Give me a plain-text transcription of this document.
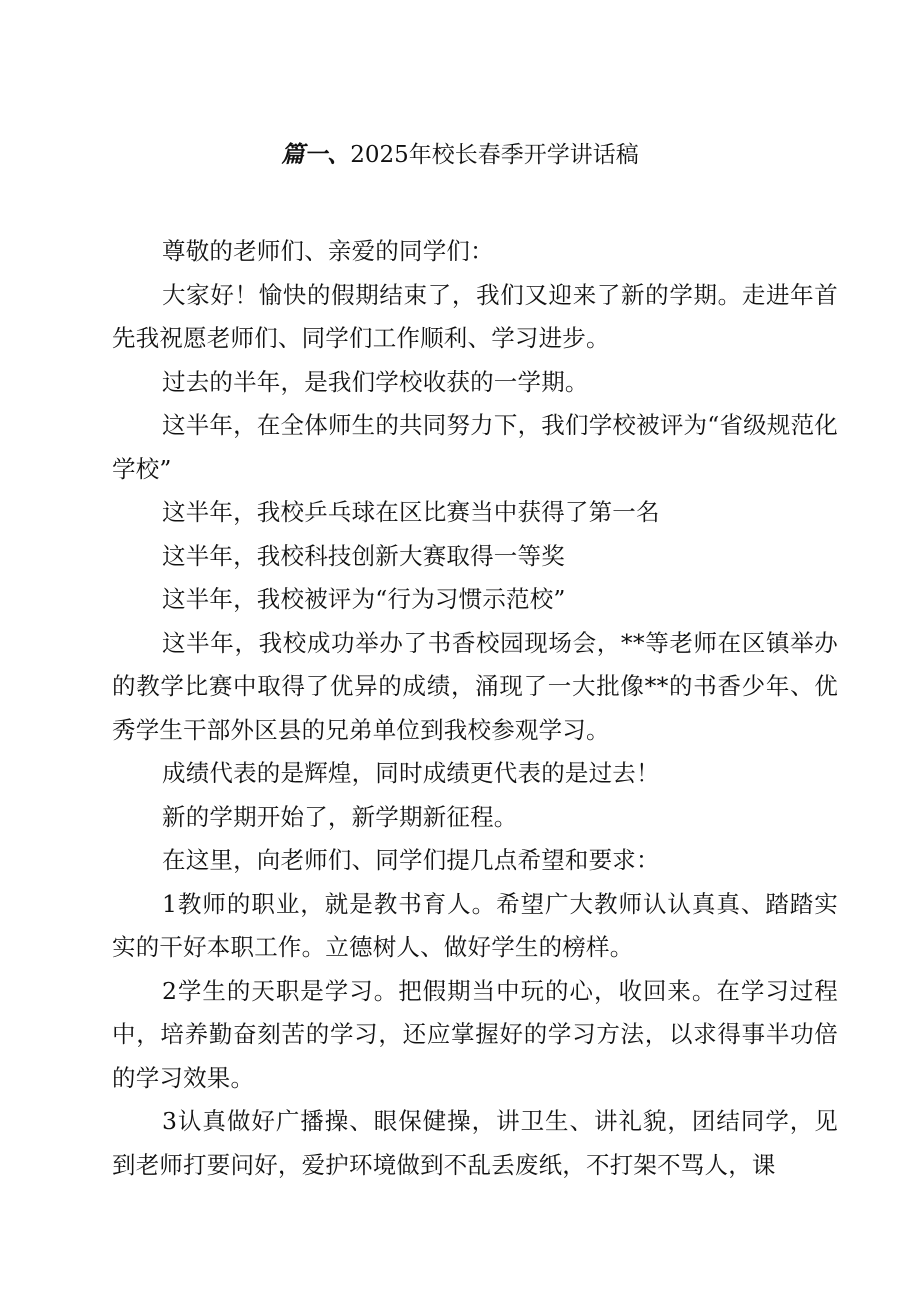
篇一、2025年校长春季开学讲话稿

尊敬的老师们、亲爱的同学们：

大家好！愉快的假期结束了，我们又迎来了新的学期。走进年首先我祝愿老师们、同学们工作顺利、学习进步。

过去的半年，是我们学校收获的一学期。

这半年，在全体师生的共同努力下，我们学校被评为“省级规范化学校”

这半年，我校乒乓球在区比赛当中获得了第一名

这半年，我校科技创新大赛取得一等奖

这半年，我校被评为“行为习惯示范校”

这半年，我校成功举办了书香校园现场会，**等老师在区镇举办的教学比赛中取得了优异的成绩，涌现了一大批像**的书香少年、优秀学生干部外区县的兄弟单位到我校参观学习。

成绩代表的是辉煌，同时成绩更代表的是过去！

新的学期开始了，新学期新征程。

在这里，向老师们、同学们提几点希望和要求：

1教师的职业，就是教书育人。希望广大教师认认真真、踏踏实实的干好本职工作。立德树人、做好学生的榜样。

2学生的天职是学习。把假期当中玩的心，收回来。在学习过程中，培养勤奋刻苦的学习，还应掌握好的学习方法，以求得事半功倍的学习效果。

3认真做好广播操、眼保健操，讲卫生、讲礼貌，团结同学，见到老师打要问好，爱护环境做到不乱丢废纸，不打架不骂人，课
